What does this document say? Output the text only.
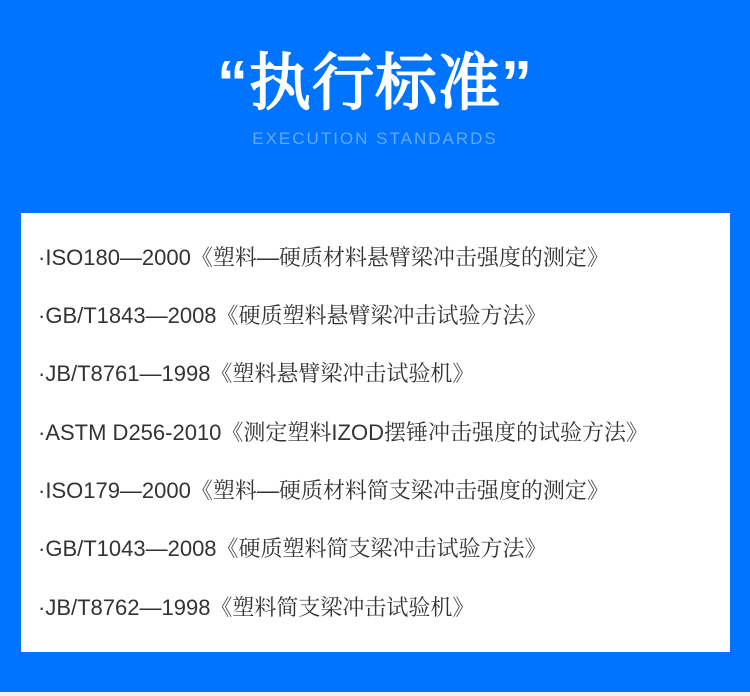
“执行标准”
EXECUTION STANDARDS
·ISO180—2000《塑料—硬质材料悬臂梁冲击强度的测定》
·GB/T1843—2008《硬质塑料悬臂梁冲击试验方法》
·JB/T8761—1998《塑料悬臂梁冲击试验机》
·ASTM D256-2010《测定塑料IZOD摆锤冲击强度的试验方法》
·ISO179—2000《塑料—硬质材料简支梁冲击强度的测定》
·GB/T1043—2008《硬质塑料简支梁冲击试验方法》
·JB/T8762—1998《塑料简支梁冲击试验机》
